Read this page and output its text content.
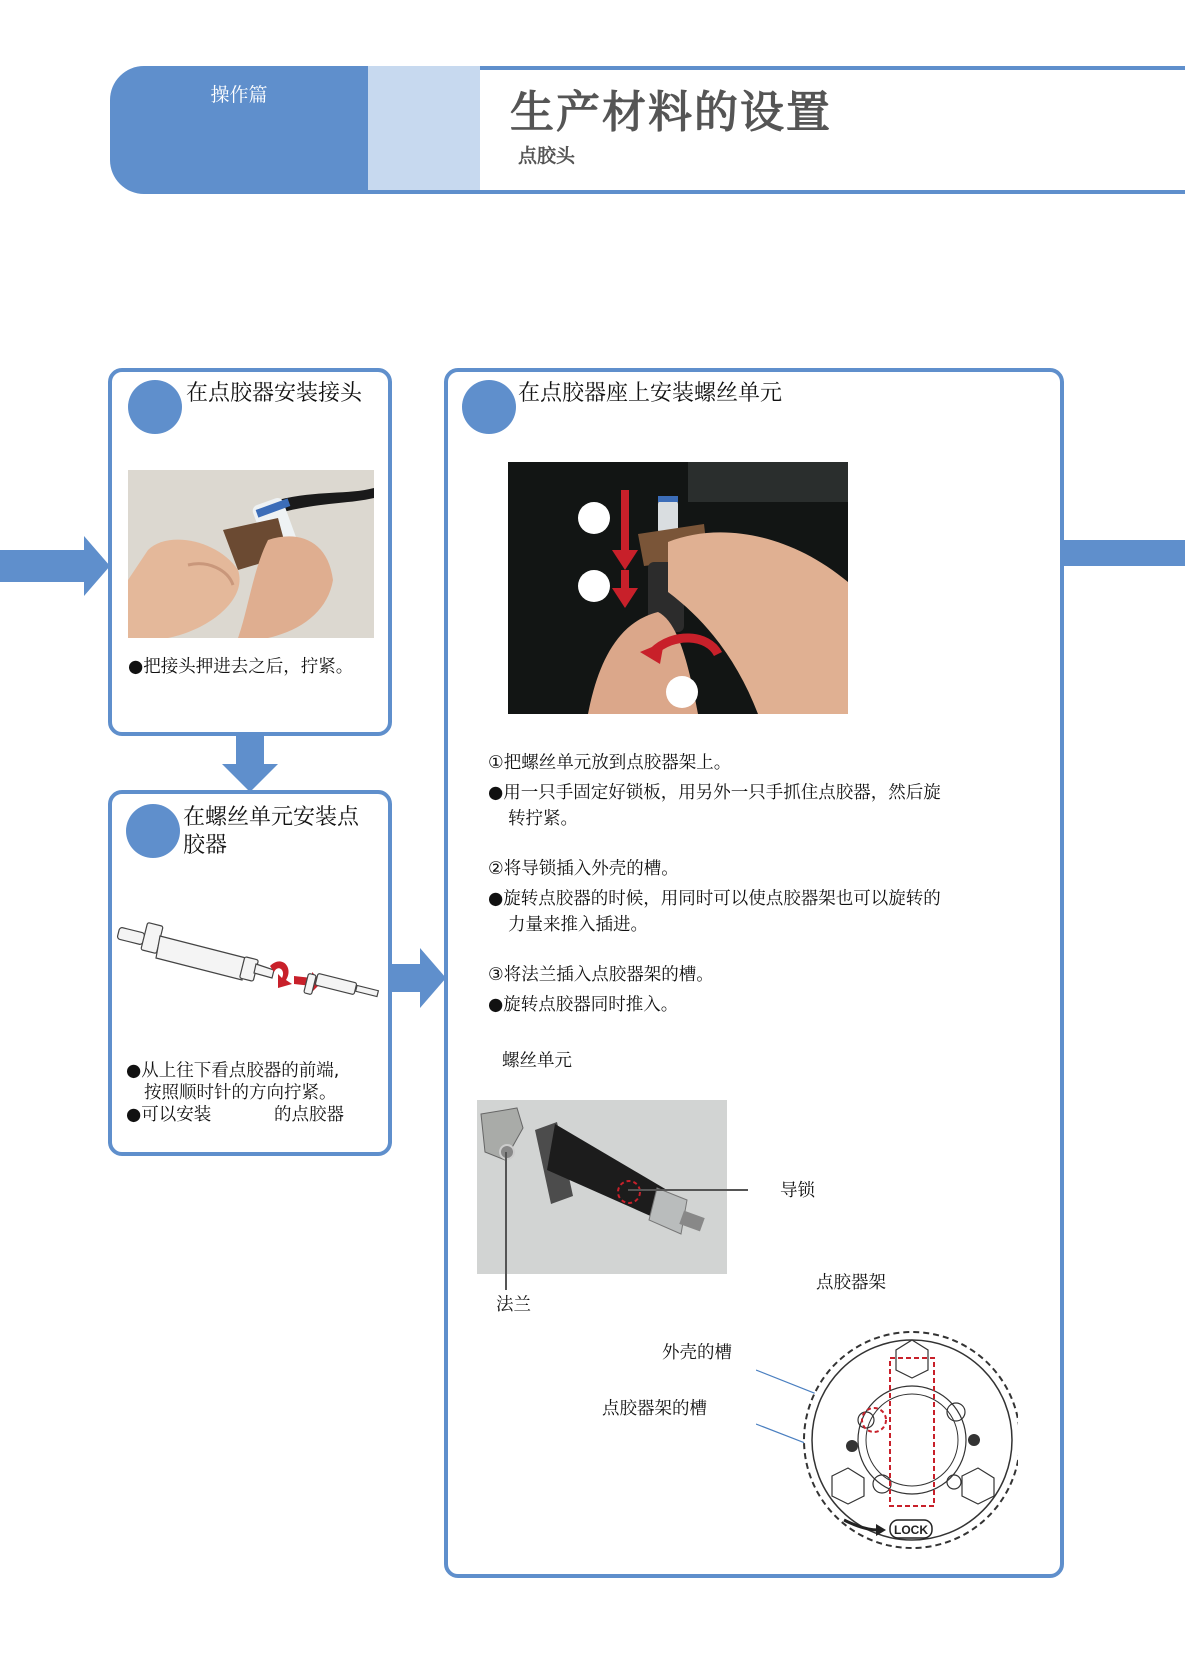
操作篇	生产材料的设置
点胶头
在点胶器安装接头
●把接头押进去之后，拧紧。
在螺丝单元安装点
胶器
●从上往下看点胶器的前端,
按照顺时针的方向拧紧。
●可以安装	的点胶器
在点胶器座上安装螺丝单元
①把螺丝单元放到点胶器架上。
●用一只手固定好锁板，用另外一只手抓住点胶器，然后旋
转拧紧。
②将导锁插入外壳的槽。
●旋转点胶器的时候，用同时可以使点胶器架也可以旋转的
力量来推入插进。
③将法兰插入点胶器架的槽。
●旋转点胶器同时推入。
螺丝单元
导锁
法兰
点胶器架
外壳的槽
点胶器架的槽
LOCK
